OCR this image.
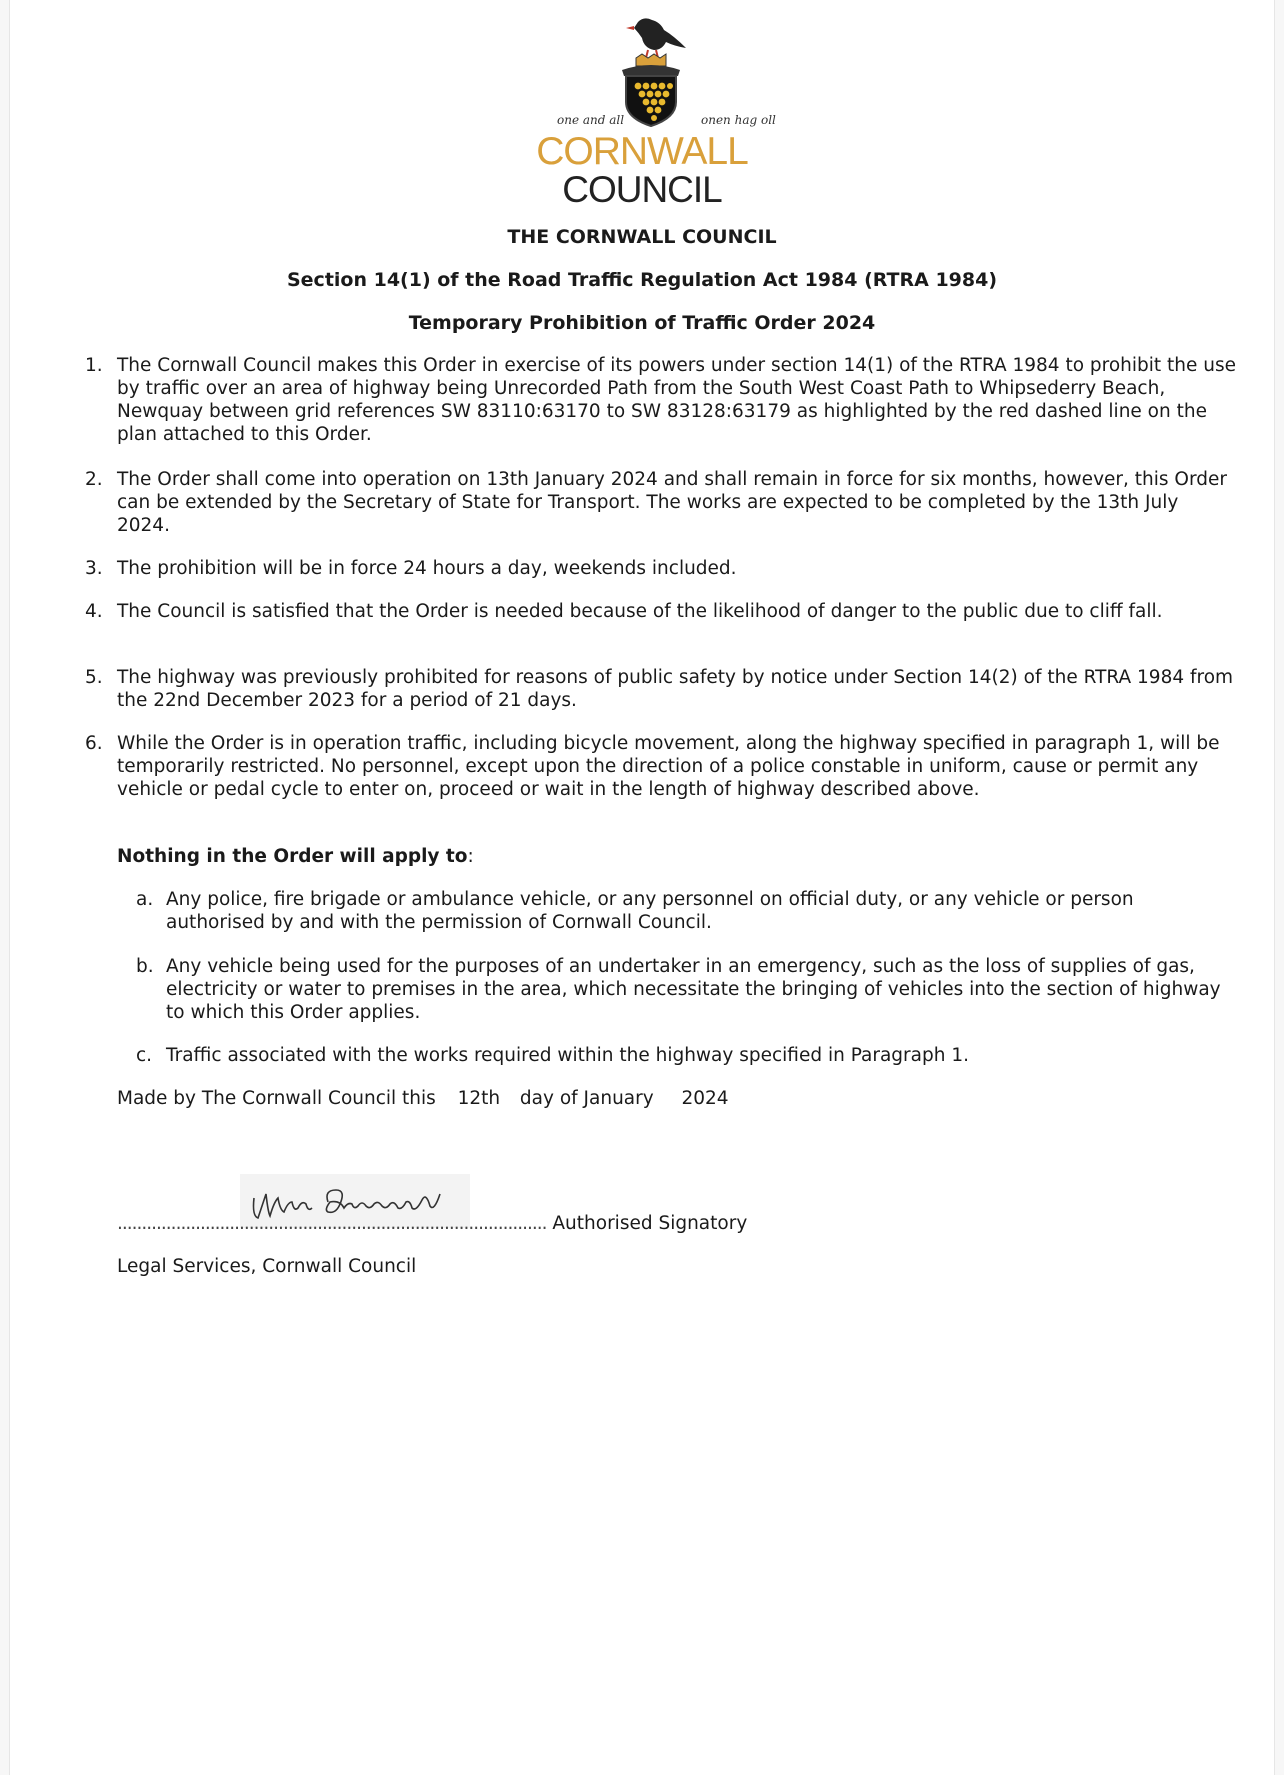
one and all	onen hag oll
CORNWALL
COUNCIL
THE CORNWALL COUNCIL
Section 14(1) of the Road Traffic Regulation Act 1984 (RTRA 1984)
Temporary Prohibition of Traffic Order 2024
1. The Cornwall Council makes this Order in exercise of its powers under section 14(1) of the RTRA 1984 to prohibit the use by traffic over an area of highway being Unrecorded Path from the South West Coast Path to Whipsederry Beach, Newquay between grid references SW 83110:63170 to SW 83128:63179 as highlighted by the red dashed line on the plan attached to this Order.
2. The Order shall come into operation on 13th January 2024 and shall remain in force for six months, however, this Order can be extended by the Secretary of State for Transport. The works are expected to be completed by the 13th July 2024.
3. The prohibition will be in force 24 hours a day, weekends included.
4. The Council is satisfied that the Order is needed because of the likelihood of danger to the public due to cliff fall.
5. The highway was previously prohibited for reasons of public safety by notice under Section 14(2) of the RTRA 1984 from the 22nd December 2023 for a period of 21 days.
6. While the Order is in operation traffic, including bicycle movement, along the highway specified in paragraph 1, will be temporarily restricted. No personnel, except upon the direction of a police constable in uniform, cause or permit any vehicle or pedal cycle to enter on, proceed or wait in the length of highway described above.
Nothing in the Order will apply to:
a. Any police, fire brigade or ambulance vehicle, or any personnel on official duty, or any vehicle or person authorised by and with the permission of Cornwall Council.
b. Any vehicle being used for the purposes of an undertaker in an emergency, such as the loss of supplies of gas, electricity or water to premises in the area, which necessitate the bringing of vehicles into the section of highway to which this Order applies.
c. Traffic associated with the works required within the highway specified in Paragraph 1.
Made by The Cornwall Council this 12th day of January 2024
........................................................................................ Authorised Signatory
Legal Services, Cornwall Council
